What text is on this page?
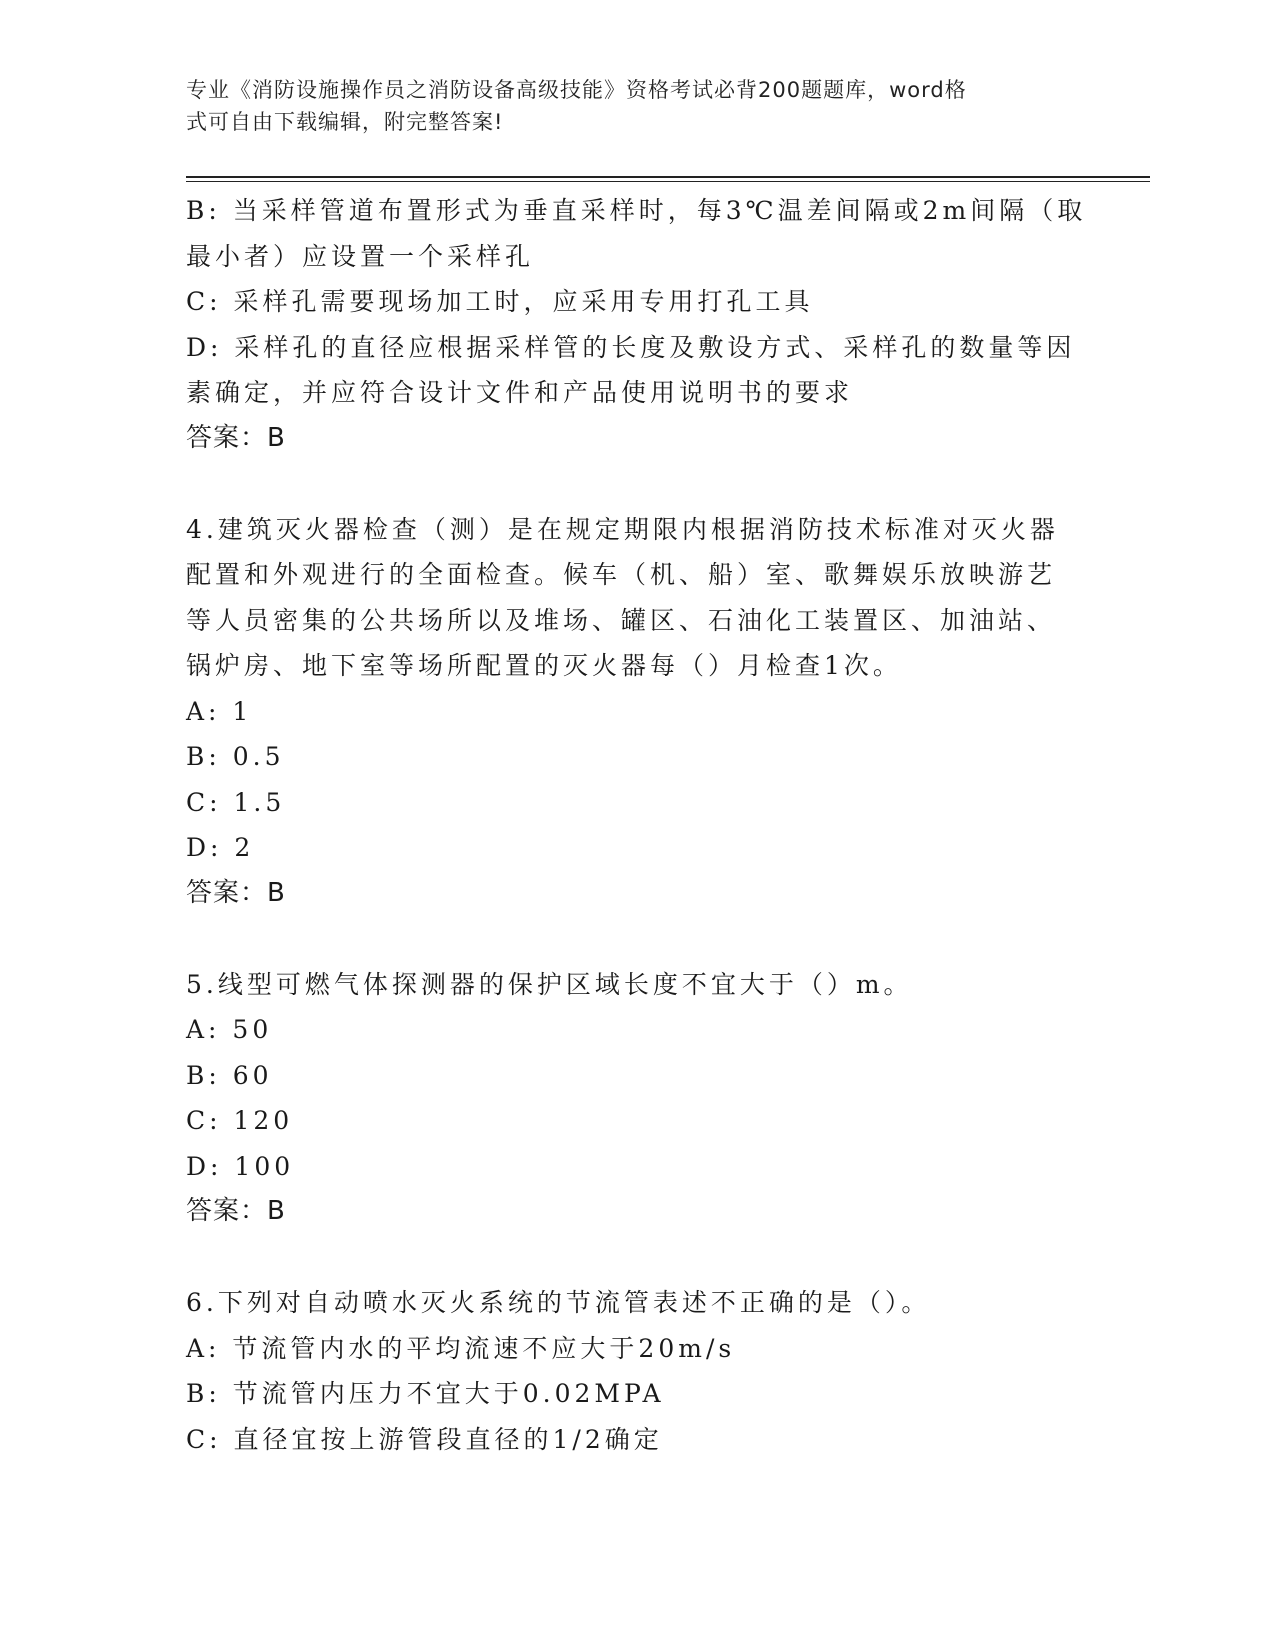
专业《消防设施操作员之消防设备高级技能》资格考试必背200题题库，word格
式可自由下载编辑，附完整答案!
B: 当采样管道布置形式为垂直采样时，每3℃温差间隔或2m间隔（取
最小者）应设置一个采样孔
C: 采样孔需要现场加工时，应采用专用打孔工具
D: 采样孔的直径应根据采样管的长度及敷设方式、采样孔的数量等因
素确定，并应符合设计文件和产品使用说明书的要求
答案：B
4.建筑灭火器检查（测）是在规定期限内根据消防技术标准对灭火器
配置和外观进行的全面检查。候车（机、船）室、歌舞娱乐放映游艺
等人员密集的公共场所以及堆场、罐区、石油化工装置区、加油站、
锅炉房、地下室等场所配置的灭火器每（）月检查1次。
A: 1
B: 0.5
C: 1.5
D: 2
答案：B
5.线型可燃气体探测器的保护区域长度不宜大于（）m。
A: 50
B: 60
C: 120
D: 100
答案：B
6.下列对自动喷水灭火系统的节流管表述不正确的是（）。
A: 节流管内水的平均流速不应大于20m/s
B: 节流管内压力不宜大于0.02MPA
C: 直径宜按上游管段直径的1/2确定
